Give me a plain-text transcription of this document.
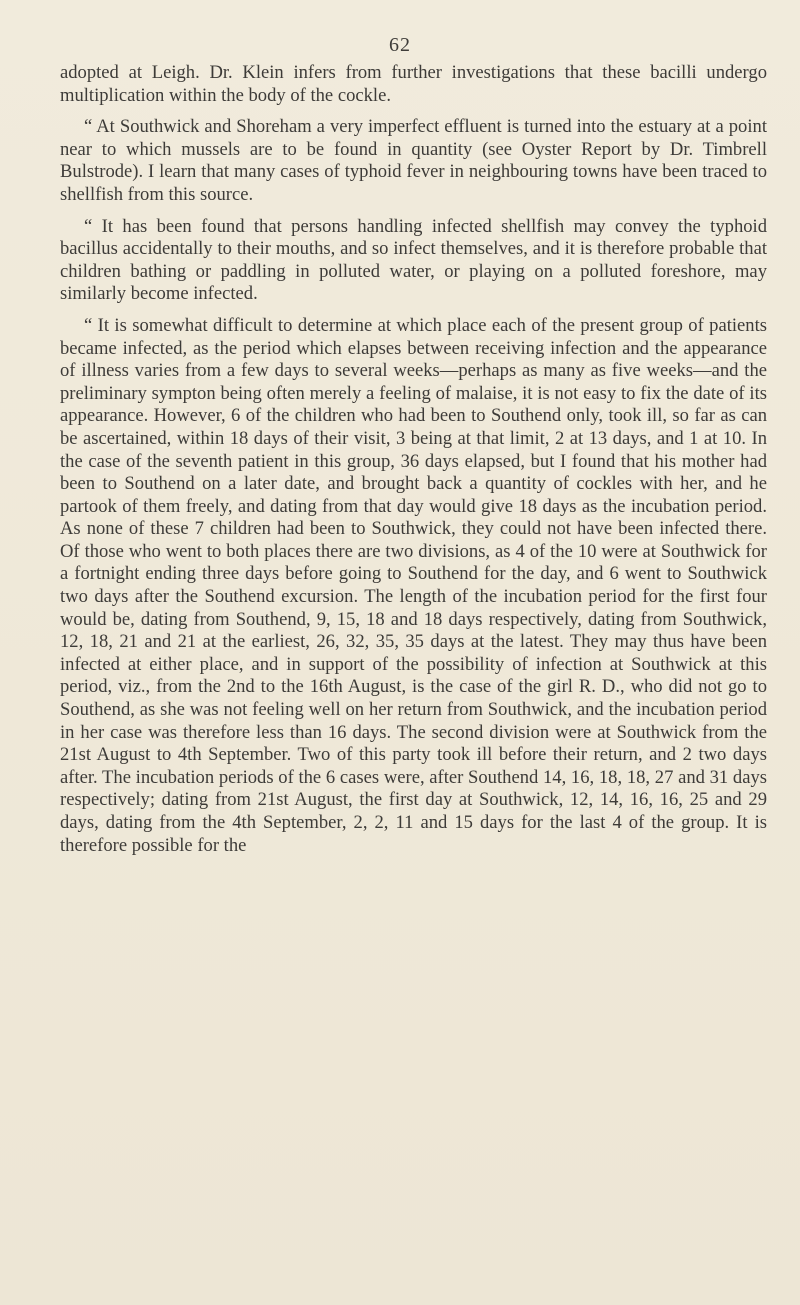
62

adopted at Leigh. Dr. Klein infers from further investigations that these bacilli undergo multiplication within the body of the cockle.

“ At Southwick and Shoreham a very imperfect effluent is turned into the estuary at a point near to which mussels are to be found in quantity (see Oyster Report by Dr. Timbrell Bulstrode). I learn that many cases of typhoid fever in neighbouring towns have been traced to shellfish from this source.

“ It has been found that persons handling infected shellfish may convey the typhoid bacillus accidentally to their mouths, and so infect themselves, and it is therefore probable that children bathing or paddling in polluted water, or playing on a polluted foreshore, may similarly become infected.

“ It is somewhat difficult to determine at which place each of the present group of patients became infected, as the period which elapses between receiving infection and the appearance of illness varies from a few days to several weeks—perhaps as many as five weeks—and the preliminary sympton being often merely a feeling of malaise, it is not easy to fix the date of its appearance. However, 6 of the children who had been to Southend only, took ill, so far as can be ascertained, within 18 days of their visit, 3 being at that limit, 2 at 13 days, and 1 at 10. In the case of the seventh patient in this group, 36 days elapsed, but I found that his mother had been to Southend on a later date, and brought back a quantity of cockles with her, and he partook of them freely, and dating from that day would give 18 days as the incubation period. As none of these 7 children had been to Southwick, they could not have been infected there. Of those who went to both places there are two divisions, as 4 of the 10 were at Southwick for a fortnight ending three days before going to Southend for the day, and 6 went to Southwick two days after the Southend excursion. The length of the incubation period for the first four would be, dating from Southend, 9, 15, 18 and 18 days respectively, dating from Southwick, 12, 18, 21 and 21 at the earliest, 26, 32, 35, 35 days at the latest. They may thus have been infected at either place, and in support of the possibility of infection at Southwick at this period, viz., from the 2nd to the 16th August, is the case of the girl R. D., who did not go to Southend, as she was not feeling well on her return from Southwick, and the incubation period in her case was therefore less than 16 days. The second division were at Southwick from the 21st August to 4th September. Two of this party took ill before their return, and 2 two days after. The incubation periods of the 6 cases were, after Southend 14, 16, 18, 18, 27 and 31 days respectively; dating from 21st August, the first day at Southwick, 12, 14, 16, 16, 25 and 29 days, dating from the 4th September, 2, 2, 11 and 15 days for the last 4 of the group. It is therefore possible for the
